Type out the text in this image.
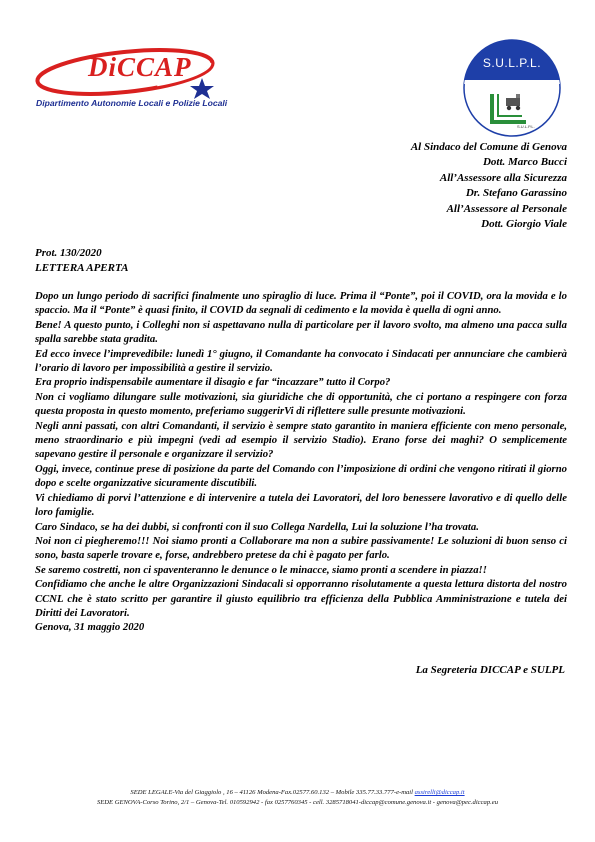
DiCCAP
Dipartimento Autonomie Locali e Polizie Locali
S.U.L.P.L.
S.U.L.P.L.
Al Sindaco del Comune di Genova
Dott. Marco Bucci
All’Assessore alla Sicurezza
Dr. Stefano Garassino
All’Assessore al Personale
Dott. Giorgio Viale
Prot. 130/2020
LETTERA APERTA

Dopo un lungo periodo di sacrifici finalmente uno spiraglio di luce. Prima il “Ponte”, poi il COVID, ora la movida e lo spaccio. Ma il “Ponte” è quasi finito, il COVID da segnali di cedimento e la movida è quella di ogni anno.

Bene! A questo punto, i Colleghi non si aspettavano nulla di particolare per il lavoro svolto, ma almeno una pacca sulla spalla sarebbe stata gradita.

Ed ecco invece l’imprevedibile: lunedì 1° giugno, il Comandante ha convocato i Sindacati per annunciare che cambierà l’orario di lavoro per impossibilità a gestire il servizio.

Era proprio indispensabile aumentare il disagio e far “incazzare” tutto il Corpo?

Non ci vogliamo dilungare sulle motivazioni, sia giuridiche che di opportunità, che ci portano a respingere con forza questa proposta in questo momento, preferiamo suggerirVi di riflettere sulle presunte motivazioni.

Negli anni passati, con altri Comandanti, il servizio è sempre stato garantito in maniera efficiente con meno personale, meno straordinario e più impegni (vedi ad esempio il servizio Stadio). Erano forse dei maghi? O semplicemente sapevano gestire il personale e organizzare il servizio?

Oggi, invece, continue prese di posizione da parte del Comando con l’imposizione di ordini che vengono ritirati il giorno dopo e scelte organizzative sicuramente discutibili.

Vi chiediamo di porvi l’attenzione e di intervenire a tutela dei Lavoratori, del loro benessere lavorativo e di quello delle loro famiglie.

Caro Sindaco, se ha dei dubbi, si confronti con il suo Collega Nardella, Lui la soluzione l’ha trovata.

Noi non ci piegheremo!!! Noi siamo pronti a Collaborare ma non a subire passivamente! Le soluzioni di buon senso ci sono, basta saperle trovare e, forse, andrebbero pretese da chi è pagato per farlo.

Se saremo costretti, non ci spaventeranno le denunce o le minacce, siamo pronti a scendere in piazza!!

Confidiamo che anche le altre Organizzazioni Sindacali si opporranno risolutamente a questa lettura distorta del nostro CCNL che è stato scritto per garantire il giusto equilibrio tra efficienza della Pubblica Amministrazione e tutela dei Diritti dei Lavoratori.

Genova, 31 maggio 2020

La Segreteria DICCAP e SULPL
SEDE LEGALE-Via del Giaggiolo , 16 – 41126 Modena-Fax.02577.60.132 – Mobile 335.77.33.777-e-mail assirelli@diccap.it
SEDE GENOVA-Corso Torino, 2/1 – Genova-Tel. 010592942 - fax 0257760345 - cell. 3285718041-diccap@comune.genova.it - genova@pec.diccap.eu
